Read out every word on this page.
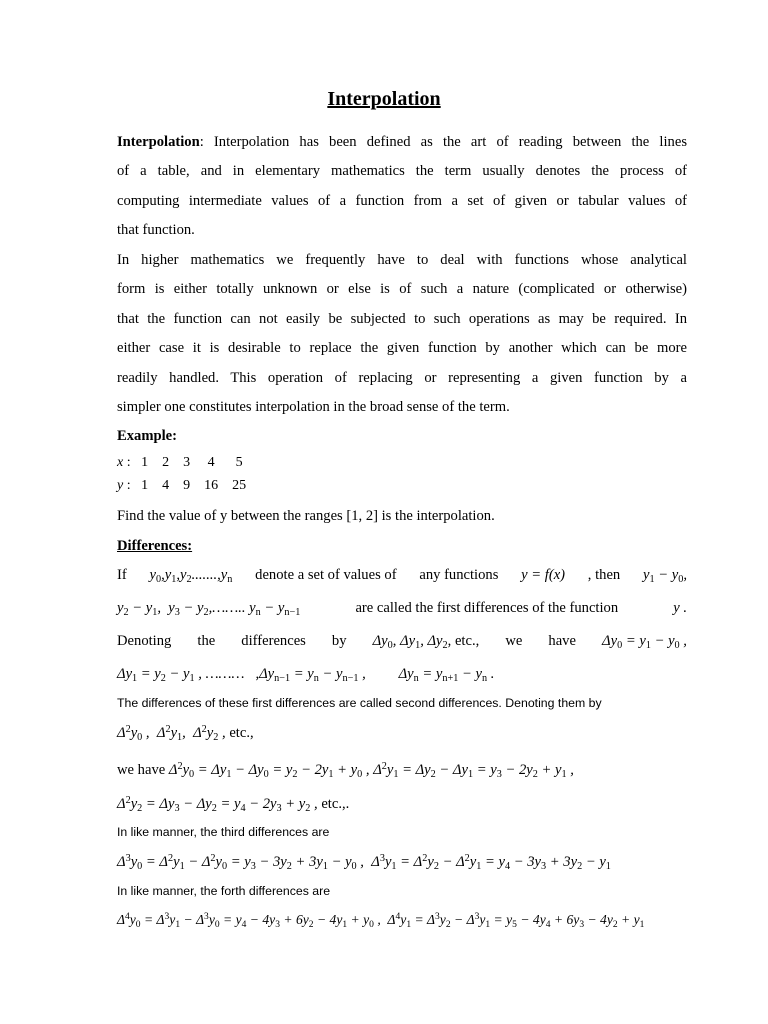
Interpolation
Interpolation: Interpolation has been defined as the art of reading between the lines
of a table, and in elementary mathematics the term usually denotes the process of
computing intermediate values of a function from a set of given or tabular values of
that function.
In higher mathematics we frequently have to deal with functions whose analytical
form is either totally unknown or else is of such a nature (complicated or otherwise)
that the function can not easily be subjected to such operations as may be required. In
either case it is desirable to replace the given function by another which can be more
readily handled. This operation of replacing or representing a given function by a
simpler one constitutes interpolation in the broad sense of the term.
Example:
x :   1 2 3 4 5
y :   1 4 9 16 25
Find the value of y between the ranges [1, 2] is the interpolation.
Differences:
If $y_0,y_1,y_2.......,y_n$ denote a set of values of any functions y = f(x) , then $y_1 - y_0$,
$y_2 - y_1$,  $y_3$ − $y_2,\dots\dots$.. $y_n - y_{n-1}$	are called the first differences of the function	y .
Denoting the differences by $\Delta y_0$, $\Delta y_1$, $\Delta y_2$, etc., we have $\Delta y_0 = y_1 - y_0$ ,
$\Delta y_1 = y_2 - y_1$ , ………   $,\Delta y_{n-1} = y_n - y_{n-1}$ ,         $\Delta y_n = y_{n+1} - y_n$ .
The differences of these first differences are called second differences. Denoting them by
$\Delta^2y_0$ ,  $\Delta^2y_1$,  $\Delta^2y_2$ , etc.,
we have $\Delta^2y_0 = \Delta y_1 - \Delta y_0 = y_2 - 2y_1 + y_0$ , $\Delta^2y_1 = \Delta y_2 - \Delta y_1 = y_3 - 2y_2 + y_1$ ,
$\Delta^2y_2 = \Delta y_3 - \Delta y_2 = y_4 - 2y_3 + y_2$ , etc.,.
In like manner, the third differences are
$\Delta^3y_0 = \Delta^2y_1 - \Delta^2y_0 = y_3 - 3y_2 + 3y_1 - y_0$ ,  $\Delta^3y_1 = \Delta^2y_2 - \Delta^2y_1 = y_4 - 3y_3 + 3y_2 - y_1$
In like manner, the forth differences are
$\Delta^4y_0 = \Delta^3y_1 - \Delta^3y_0 = y_4 - 4y_3 + 6y_2 - 4y_1 + y_0$ ,  $\Delta^4y_1 = \Delta^3y_2 - \Delta^3y_1 = y_5 - 4y_4 + 6y_3 - 4y_2 + y_1$
